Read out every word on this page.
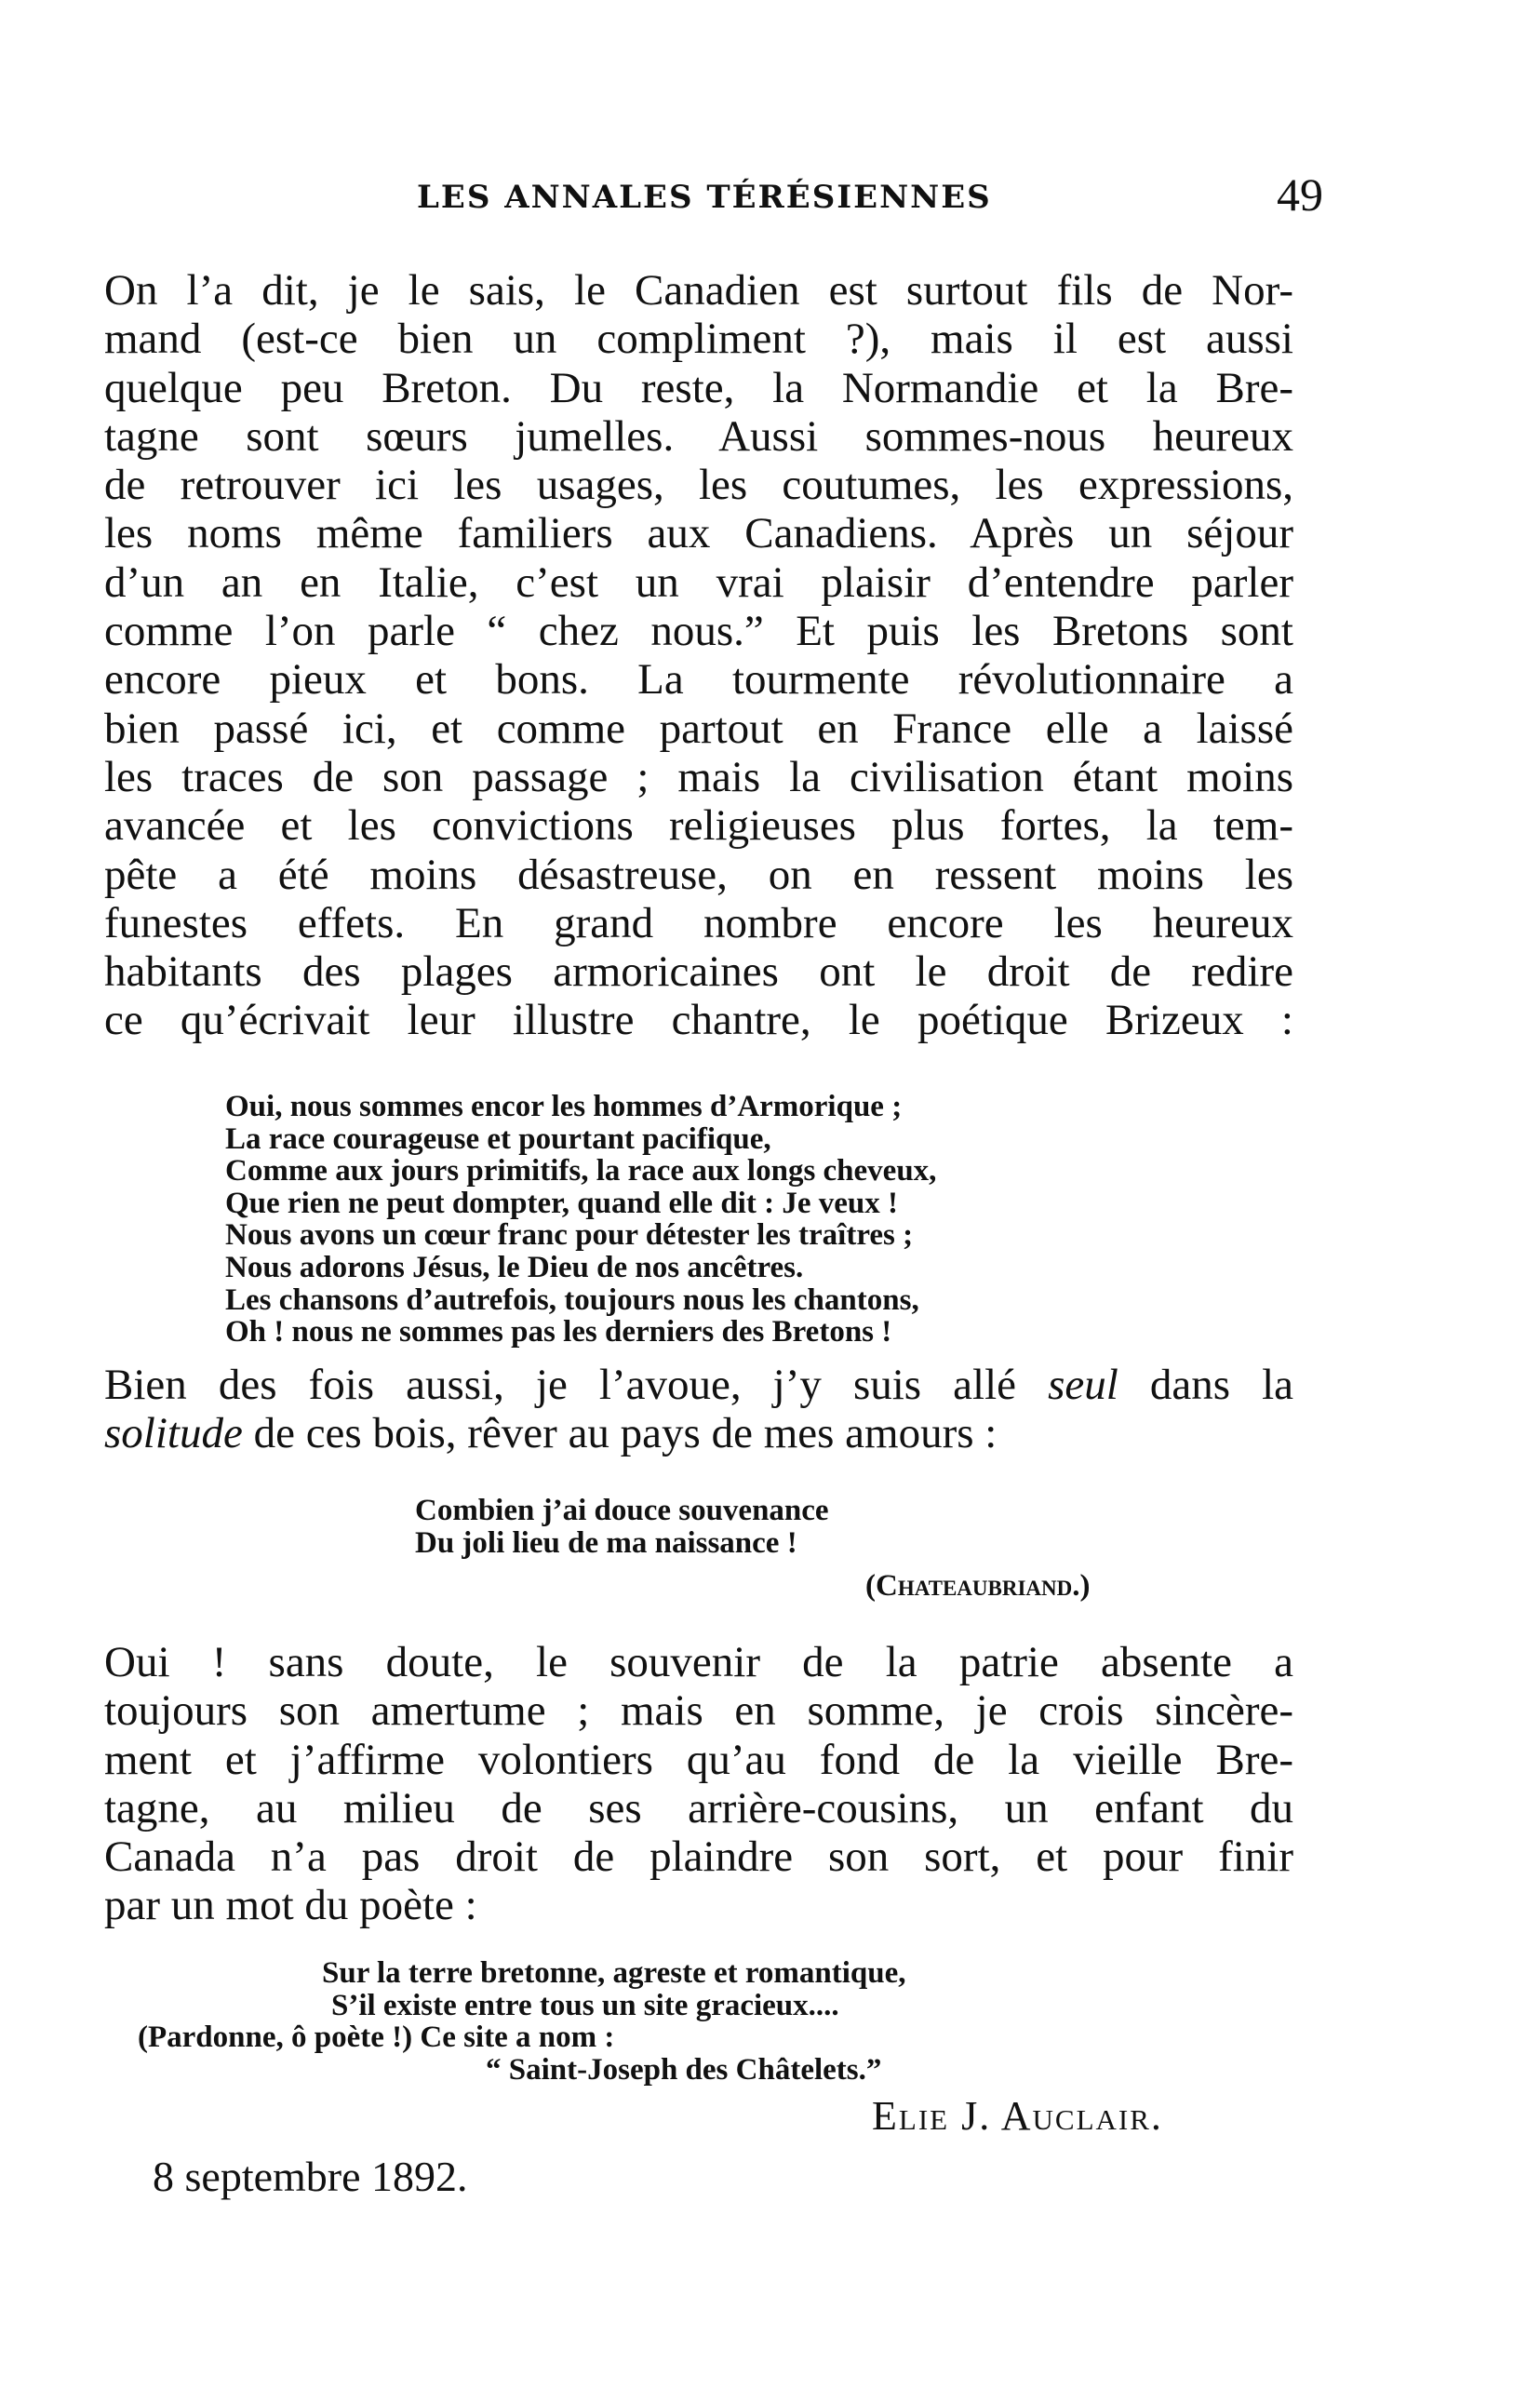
LES ANNALES TÉRÉSIENNES	49
On l’a dit, je le sais, le Canadien est surtout fils de Nor-
mand (est-ce bien un compliment ?), mais il est aussi
quelque peu Breton. Du reste, la Normandie et la Bre-
tagne sont sœurs jumelles. Aussi sommes-nous heureux
de retrouver ici les usages, les coutumes, les expressions,
les noms même familiers aux Canadiens. Après un séjour
d’un an en Italie, c’est un vrai plaisir d’entendre parler
comme l’on parle “ chez nous.” Et puis les Bretons sont
encore pieux et bons. La tourmente révolutionnaire a
bien passé ici, et comme partout en France elle a laissé
les traces de son passage ; mais la civilisation étant moins
avancée et les convictions religieuses plus fortes, la tem-
pête a été moins désastreuse, on en ressent moins les
funestes effets. En grand nombre encore les heureux
habitants des plages armoricaines ont le droit de redire
ce qu’écrivait leur illustre chantre, le poétique Brizeux :
Oui, nous sommes encor les hommes d’Armorique ;
La race courageuse et pourtant pacifique,
Comme aux jours primitifs, la race aux longs cheveux,
Que rien ne peut dompter, quand elle dit : Je veux !
Nous avons un cœur franc pour détester les traîtres ;
Nous adorons Jésus, le Dieu de nos ancêtres.
Les chansons d’autrefois, toujours nous les chantons,
Oh ! nous ne sommes pas les derniers des Bretons !
Bien des fois aussi, je l’avoue, j’y suis allé seul dans la
solitude de ces bois, rêver au pays de mes amours :
Combien j’ai douce souvenance
Du joli lieu de ma naissance !
(Chateaubriand.)
Oui ! sans doute, le souvenir de la patrie absente a
toujours son amertume ; mais en somme, je crois sincère-
ment et j’affirme volontiers qu’au fond de la vieille Bre-
tagne, au milieu de ses arrière-cousins, un enfant du
Canada n’a pas droit de plaindre son sort, et pour finir
par un mot du poète :
Sur la terre bretonne, agreste et romantique,
S’il existe entre tous un site gracieux....
(Pardonne, ô poète !) Ce site a nom :
“ Saint-Joseph des Châtelets.”
Elie J. Auclair.
8 septembre 1892.
